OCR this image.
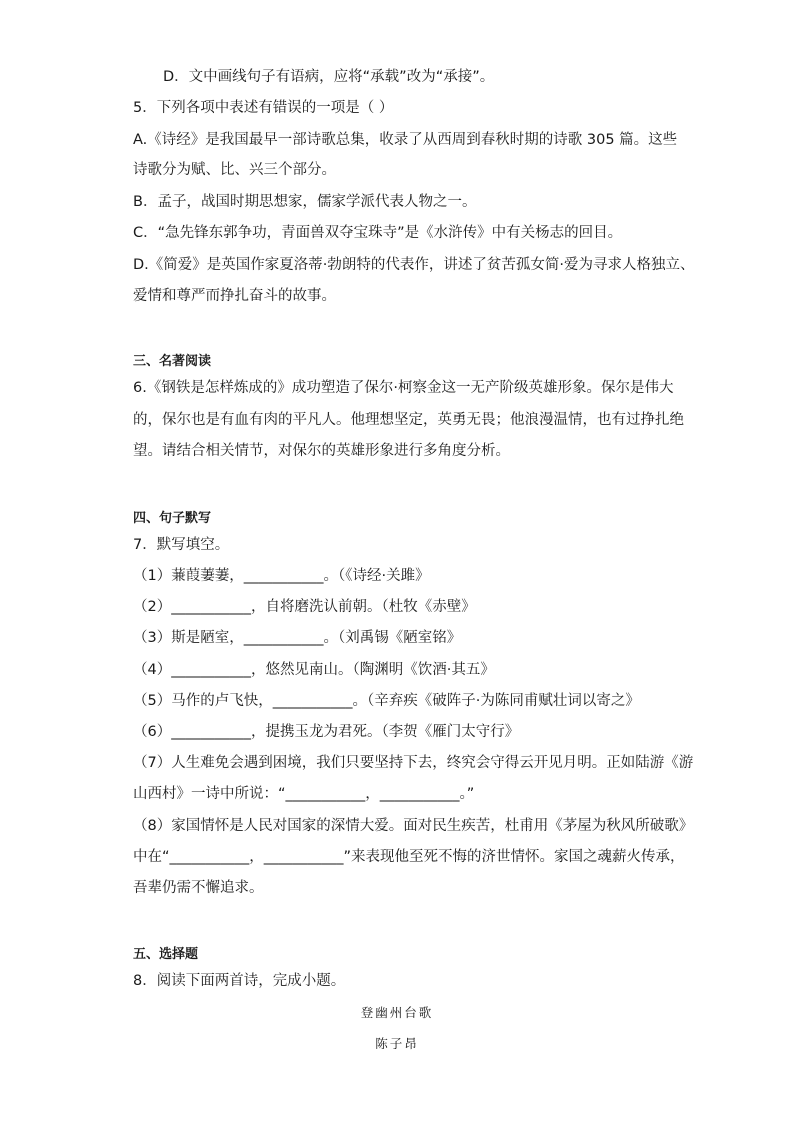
D．文中画线句子有语病，应将“承载”改为“承接”。
5．下列各项中表述有错误的一项是（ ）
A.《诗经》是我国最早一部诗歌总集，收录了从西周到春秋时期的诗歌 305 篇。这些
诗歌分为赋、比、兴三个部分。
B．孟子，战国时期思想家，儒家学派代表人物之一。
C．“急先锋东郭争功，青面兽双夺宝珠寺”是《水浒传》中有关杨志的回目。
D.《简爱》是英国作家夏洛蒂·勃朗特的代表作，讲述了贫苦孤女简·爱为寻求人格独立、
爱情和尊严而挣扎奋斗的故事。
三、名著阅读
6.《钢铁是怎样炼成的》成功塑造了保尔·柯察金这一无产阶级英雄形象。保尔是伟大
的，保尔也是有血有肉的平凡人。他理想坚定，英勇无畏；他浪漫温情，也有过挣扎绝
望。请结合相关情节，对保尔的英雄形象进行多角度分析。
四、句子默写
7．默写填空。
（1）蒹葭萋萋，___________。（《诗经·关雎》
（2）___________，自将磨洗认前朝。（杜牧《赤壁》
（3）斯是陋室，___________。（刘禹锡《陋室铭》
（4）___________，悠然见南山。（陶渊明《饮酒·其五》
（5）马作的卢飞快，___________。（辛弃疾《破阵子·为陈同甫赋壮词以寄之》
（6）___________，提携玉龙为君死。（李贺《雁门太守行》
（7）人生难免会遇到困境，我们只要坚持下去，终究会守得云开见月明。正如陆游《游
山西村》一诗中所说：“___________，___________。”
（8）家国情怀是人民对国家的深情大爱。面对民生疾苦，杜甫用《茅屋为秋风所破歌》
中在“___________，___________”来表现他至死不悔的济世情怀。家国之魂薪火传承，
吾辈仍需不懈追求。
五、选择题
8．阅读下面两首诗，完成小题。
登幽州台歌
陈子昂
